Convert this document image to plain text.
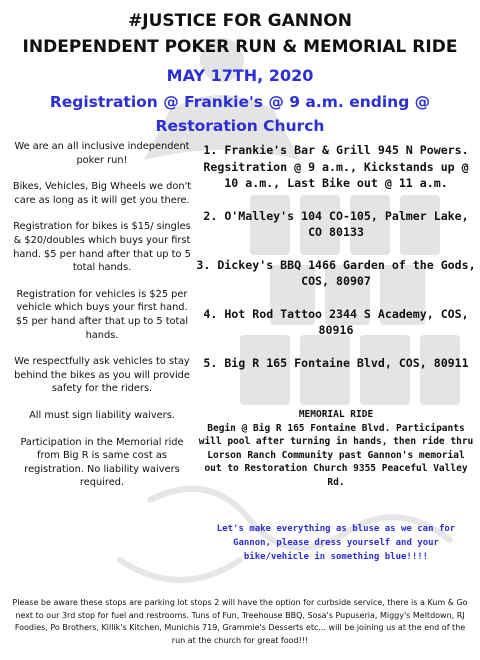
#JUSTICE FOR GANNON
INDEPENDENT POKER RUN & MEMORIAL RIDE
MAY 17TH, 2020
Registration @ Frankie's @ 9 a.m. ending @ Restoration Church

We are an all inclusive independent poker run!

Bikes, Vehicles, Big Wheels we don't care as long as it will get you there.

Registration for bikes is $15/ singles & $20/doubles which buys your first hand. $5 per hand after that up to 5 total hands.

Registration for vehicles is $25 per vehicle which buys your first hand. $5 per hand after that up to 5 total hands.

We respectfully ask vehicles to stay behind the bikes as you will provide safety for the riders.

All must sign liability waivers.

Participation in the Memorial ride from Big R is same cost as registration. No liability waivers required.

1. Frankie's Bar & Grill 945 N Powers. Regsitration @ 9 a.m., Kickstands up @ 10 a.m., Last Bike out @ 11 a.m.
2. O'Malley's 104 CO-105, Palmer Lake, CO 80133
3. Dickey's BBQ 1466 Garden of the Gods, COS, 80907
4. Hot Rod Tattoo 2344 S Academy, COS, 80916
5. Big R 165 Fontaine Blvd, COS, 80911
MEMORIAL RIDE
Begin @ Big R 165 Fontaine Blvd. Participants will pool after turning in hands, then ride thru Lorson Ranch Community past Gannon's memorial out to Restoration Church 9355 Peaceful Valley Rd.
Let's make everything as bluse as we can for Gannon, please dress yourself and your bike/vehicle in something blue!!!!
Please be aware these stops are parking lot stops 2 will have the option for curbside service, there is a Kum & Go next to our 3rd stop for fuel and restrooms. Tuns of Fun, Treehouse BBQ, Sosa's Pupuseria, Miggy's Meltdown, RJ Foodies, Po Brothers, Killik's Kitchen, Munichis 719, Grammie's Desserts etc... will be joining us at the end of the run at the church for great food!!!
